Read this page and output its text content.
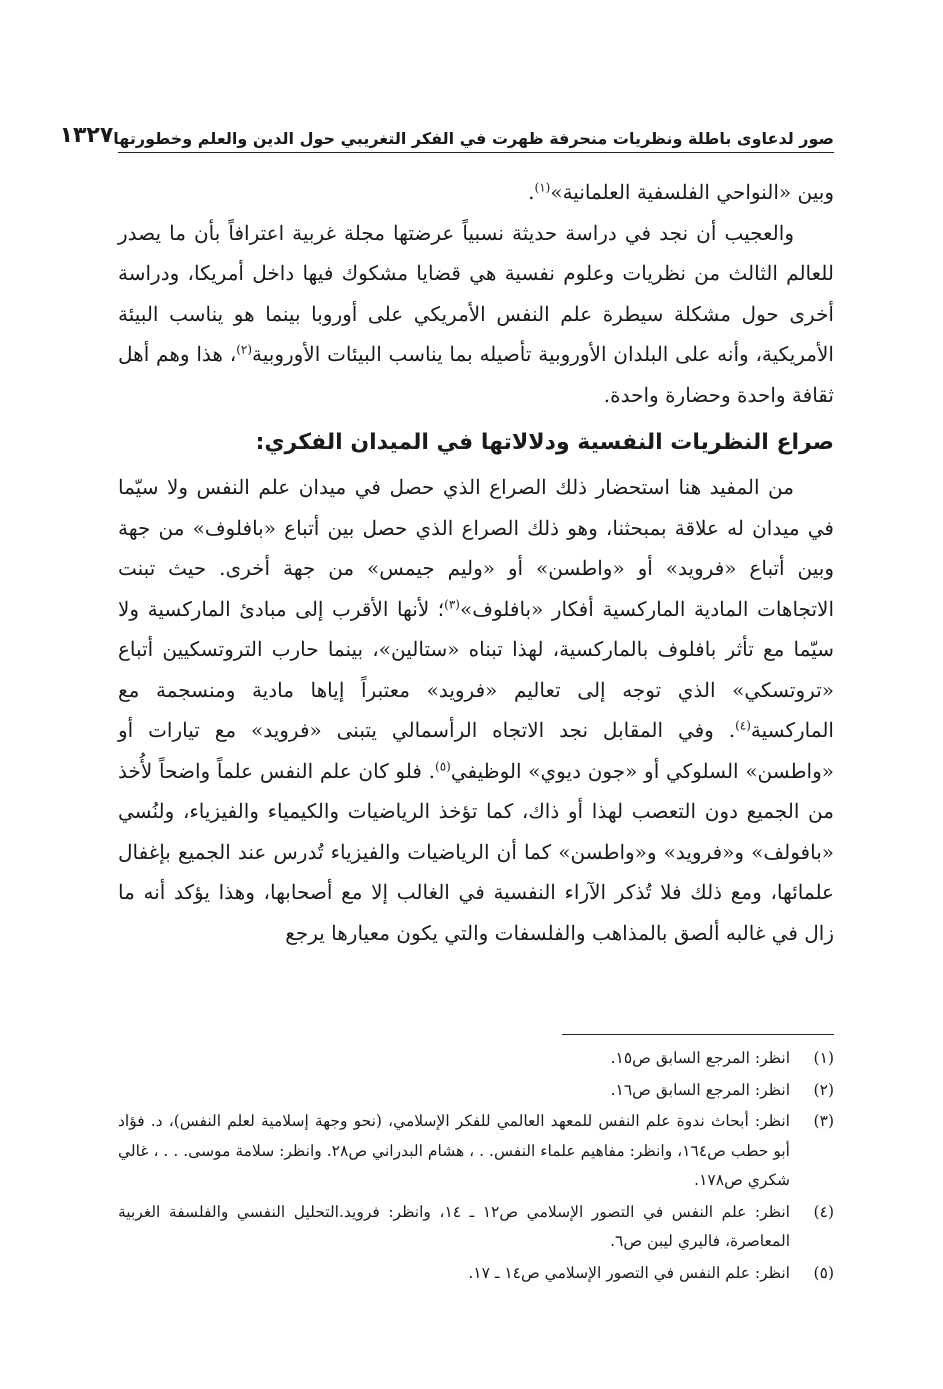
صور لدعاوى باطلة ونظريات منحرفة ظهرت في الفكر التغريبي حول الدين والعلم وخطورتها
١٣٢٧

وبين «النواحي الفلسفية العلمانية»$^{(١)}$.

والعجيب أن نجد في دراسة حديثة نسبياً عرضتها مجلة غربية اعترافاً بأن ما يصدر للعالم الثالث من نظريات وعلوم نفسية هي قضايا مشكوك فيها داخل أمريكا، ودراسة أخرى حول مشكلة سيطرة علم النفس الأمريكي على أوروبا بينما هو يناسب البيئة الأمريكية، وأنه على البلدان الأوروبية تأصيله بما يناسب البيئات الأوروبية$^{(٢)}$، هذا وهم أهل ثقافة واحدة وحضارة واحدة.

صراع النظريات النفسية ودلالاتها في الميدان الفكري:

من المفيد هنا استحضار ذلك الصراع الذي حصل في ميدان علم النفس ولا سيّما في ميدان له علاقة بمبحثنا، وهو ذلك الصراع الذي حصل بين أتباع «بافلوف» من جهة وبين أتباع «فرويد» أو «واطسن» أو «وليم جيمس» من جهة أخرى. حيث تبنت الاتجاهات المادية الماركسية أفكار «بافلوف»$^{(٣)}$؛ لأنها الأقرب إلى مبادئ الماركسية ولا سيّما مع تأثر بافلوف بالماركسية، لهذا تبناه «ستالين»، بينما حارب التروتسكيين أتباع «تروتسكي» الذي توجه إلى تعاليم «فرويد» معتبراً إياها مادية ومنسجمة مع الماركسية$^{(٤)}$. وفي المقابل نجد الاتجاه الرأسمالي يتبنى «فرويد» مع تيارات أو «واطسن» السلوكي أو «جون ديوي» الوظيفي$^{(٥)}$. فلو كان علم النفس علماً واضحاً لأُخذ من الجميع دون التعصب لهذا أو ذاك، كما تؤخذ الرياضيات والكيمياء والفيزياء، ولنُسي «بافولف» و«فرويد» و«واطسن» كما أن الرياضيات والفيزياء تُدرس عند الجميع بإغفال علمائها، ومع ذلك فلا تُذكر الآراء النفسية في الغالب إلا مع أصحابها، وهذا يؤكد أنه ما زال في غالبه ألصق بالمذاهب والفلسفات والتي يكون معيارها يرجع

(١)
انظر: المرجع السابق ص١٥.
(٢)
انظر: المرجع السابق ص١٦.
(٣)
انظر: أبحاث ندوة علم النفس للمعهد العالمي للفكر الإسلامي، (نحو وجهة إسلامية لعلم النفس)، د. فؤاد أبو حطب ص١٦٤، وانظر: مفاهيم علماء النفس. . ، هشام البدراني ص٢٨. وانظر: سلامة موسى. . . ، غالي شكري ص١٧٨.
(٤)
انظر: علم النفس في التصور الإسلامي ص١٢ ـ ١٤، وانظر: فرويد.التحليل النفسي والفلسفة الغربية المعاصرة، فاليري ليبن ص٦.
(٥)
انظر: علم النفس في التصور الإسلامي ص١٤ ـ ١٧.
